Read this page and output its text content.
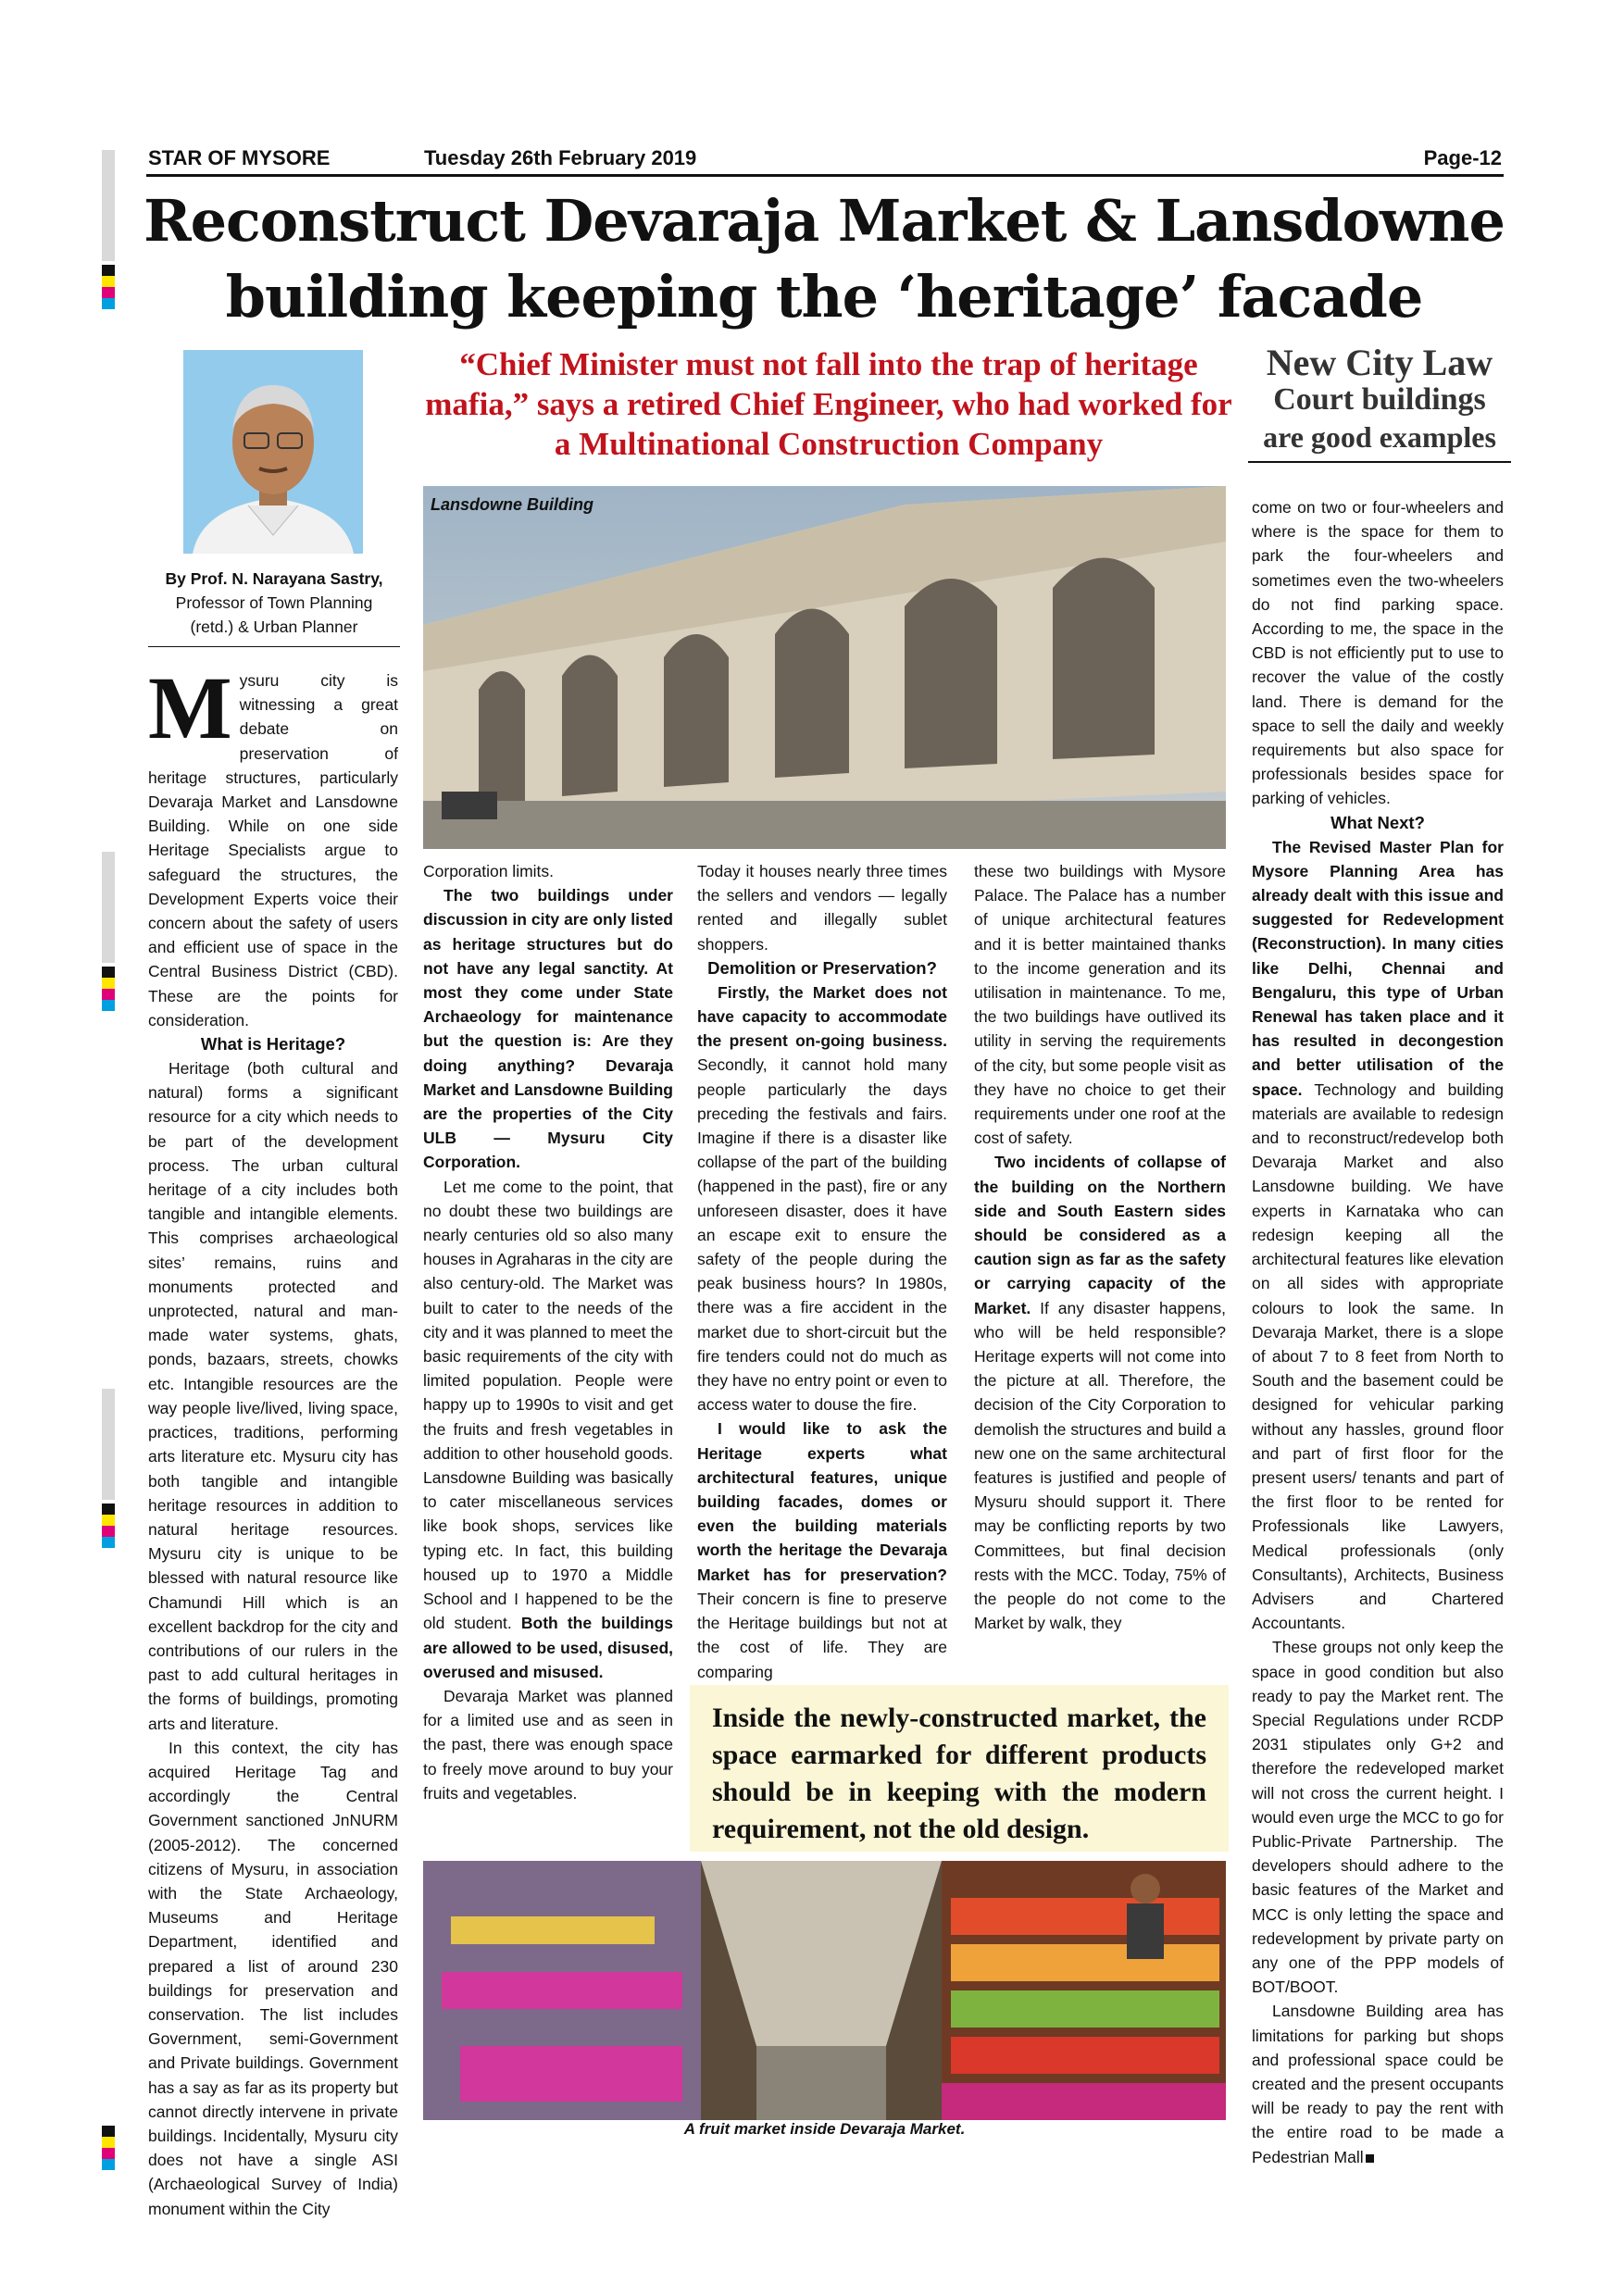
STAR OF MYSORE	Tuesday 26th February 2019	Page-12
Reconstruct Devaraja Market & Lansdowne
building keeping the ‘heritage’ facade
“Chief Minister must not fall into the trap of heritage mafia,” says a retired Chief Engineer, who had worked for a Multinational Construction Company
New City Law
Court buildings
are good examples
By Prof. N. Narayana Sastry,
Professor of Town Planning
(retd.) & Urban Planner

Mysuru city is witnessing a great debate on preservation of heritage structures, particularly Devaraja Market and Lansdowne Building. While on one side Heritage Specialists argue to safeguard the structures, the Development Experts voice their concern about the safety of users and efficient use of space in the Central Business District (CBD). These are the points for consideration.

What is Heritage?

Heritage (both cultural and natural) forms a significant resource for a city which needs to be part of the development process. The urban cultural heritage of a city includes both tangible and intangible elements. This comprises archaeological sites’ remains, ruins and monuments protected and unprotected, natural and man-made water systems, ghats, ponds, bazaars, streets, chowks etc. Intangible resources are the way people live/lived, living space, practices, traditions, performing arts literature etc. Mysuru city has both tangible and intangible heritage resources in addition to natural heritage resources. Mysuru city is unique to be blessed with natural resource like Chamundi Hill which is an excellent backdrop for the city and contributions of our rulers in the past to add cultural heritages in the forms of buildings, promoting arts and literature.

In this context, the city has acquired Heritage Tag and accordingly the Central Government sanctioned JnNURM (2005-2012). The concerned citizens of Mysuru, in association with the State Archaeology, Museums and Heritage Department, identified and prepared a list of around 230 buildings for preservation and conservation. The list includes Government, semi-Government and Private buildings. Government has a say as far as its property but cannot directly intervene in private buildings. Incidentally, Mysuru city does not have a single ASI (Archaeological Survey of India) monument within the City

Lansdowne Building

Corporation limits.

The two buildings under discussion in city are only listed as heritage structures but do not have any legal sanctity. At most they come under State Archaeology for maintenance but the question is: Are they doing anything? Devaraja Market and Lansdowne Building are the properties of the City ULB — Mysuru City Corporation.

Let me come to the point, that no doubt these two buildings are nearly centuries old so also many houses in Agraharas in the city are also century-old. The Market was built to cater to the needs of the city and it was planned to meet the basic requirements of the city with limited population. People were happy up to 1990s to visit and get the fruits and fresh vegetables in addition to other household goods. Lansdowne Building was basically to cater miscellaneous services like book shops, services like typing etc. In fact, this building housed up to 1970 a Middle School and I happened to be the old student. Both the buildings are allowed to be used, disused, overused and misused.

Devaraja Market was planned for a limited use and as seen in the past, there was enough space to freely move around to buy your fruits and vegetables.

Today it houses nearly three times the sellers and vendors — legally rented and illegally sublet shoppers.

Demolition or Preservation?

Firstly, the Market does not have capacity to accommodate the present on-going business. Secondly, it cannot hold many people particularly the days preceding the festivals and fairs. Imagine if there is a disaster like collapse of the part of the building (happened in the past), fire or any unforeseen disaster, does it have an escape exit to ensure the safety of the people during the peak business hours? In 1980s, there was a fire accident in the market due to short-circuit but the fire tenders could not do much as they have no entry point or even to access water to douse the fire.

I would like to ask the Heritage experts what architectural features, unique building facades, domes or even the building materials worth the heritage the Devaraja Market has for preservation? Their concern is fine to preserve the Heritage buildings but not at the cost of life. They are comparing

these two buildings with Mysore Palace. The Palace has a number of unique architectural features and it is better maintained thanks to the income generation and its utilisation in maintenance. To me, the two buildings have outlived its utility in serving the requirements of the city, but some people visit as they have no choice to get their requirements under one roof at the cost of safety.

Two incidents of collapse of the building on the Northern side and South Eastern sides should be considered as a caution sign as far as the safety or carrying capacity of the Market. If any disaster happens, who will be held responsible? Heritage experts will not come into the picture at all. Therefore, the decision of the City Corporation to demolish the structures and build a new one on the same architectural features is justified and people of Mysuru should support it. There may be conflicting reports by two Committees, but final decision rests with the MCC. Today, 75% of the people do not come to the Market by walk, they

Inside the newly-constructed market, the space earmarked for different products should be in keeping with the modern requirement, not the old design.
A fruit market inside Devaraja Market.

come on two or four-wheelers and where is the space for them to park the four-wheelers and sometimes even the two-wheelers do not find parking space. According to me, the space in the CBD is not efficiently put to use to recover the value of the costly land. There is demand for the space to sell the daily and weekly requirements but also space for professionals besides space for parking of vehicles.

What Next?

The Revised Master Plan for Mysore Planning Area has already dealt with this issue and suggested for Redevelopment (Reconstruction). In many cities like Delhi, Chennai and Bengaluru, this type of Urban Renewal has taken place and it has resulted in decongestion and better utilisation of the space. Technology and building materials are available to redesign and to reconstruct/redevelop both Devaraja Market and also Lansdowne building. We have experts in Karnataka who can redesign keeping all the architectural features like elevation on all sides with appropriate colours to look the same. In Devaraja Market, there is a slope of about 7 to 8 feet from North to South and the basement could be designed for vehicular parking without any hassles, ground floor and part of first floor for the present users/ tenants and part of the first floor to be rented for Professionals like Lawyers, Medical professionals (only Consultants), Architects, Business Advisers and Chartered Accountants.

These groups not only keep the space in good condition but also ready to pay the Market rent. The Special Regulations under RCDP 2031 stipulates only G+2 and therefore the redeveloped market will not cross the current height. I would even urge the MCC to go for Public-Private Partnership. The developers should adhere to the basic features of the Market and MCC is only letting the space and redevelopment by private party on any one of the PPP models of BOT/BOOT.

Lansdowne Building area has limitations for parking but shops and professional space could be created and the present occupants will be ready to pay the rent with the entire road to be made a Pedestrian Mall
